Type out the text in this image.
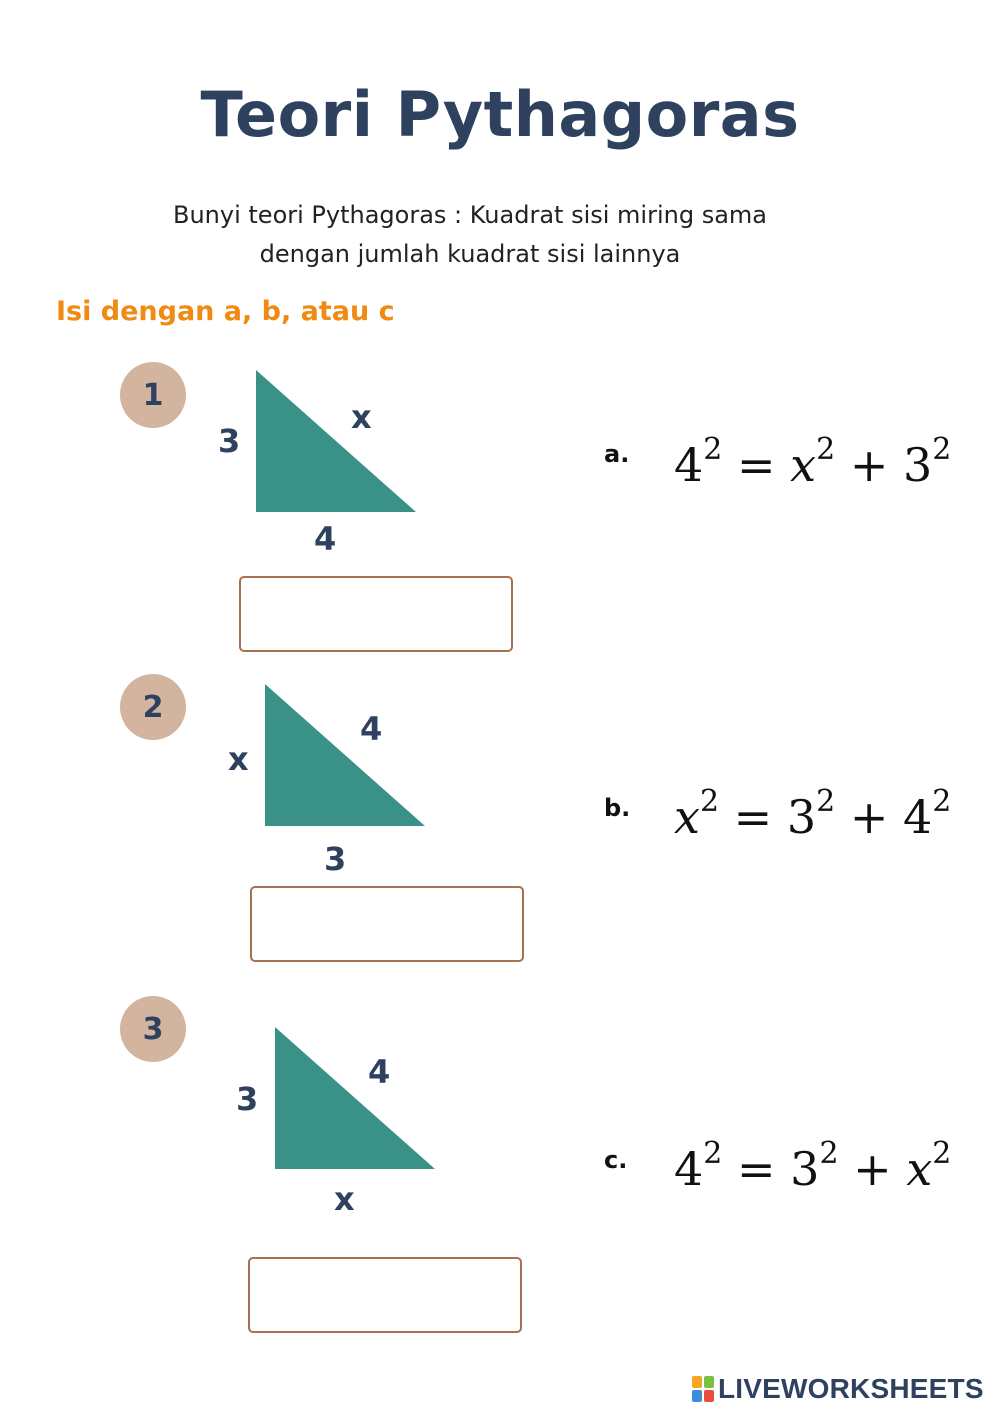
Teori Pythagoras
Bunyi teori Pythagoras : Kuadrat sisi miring sama
dengan jumlah kuadrat sisi lainnya
Isi dengan a, b, atau c
1
3
x
4
2
x
4
3
3
3
4
x
a. $4^2 = x^2 + 3^2$
b. $x^2 = 3^2 + 4^2$
c. $4^2 = 3^2 + x^2$
LIVEWORKSHEETS
